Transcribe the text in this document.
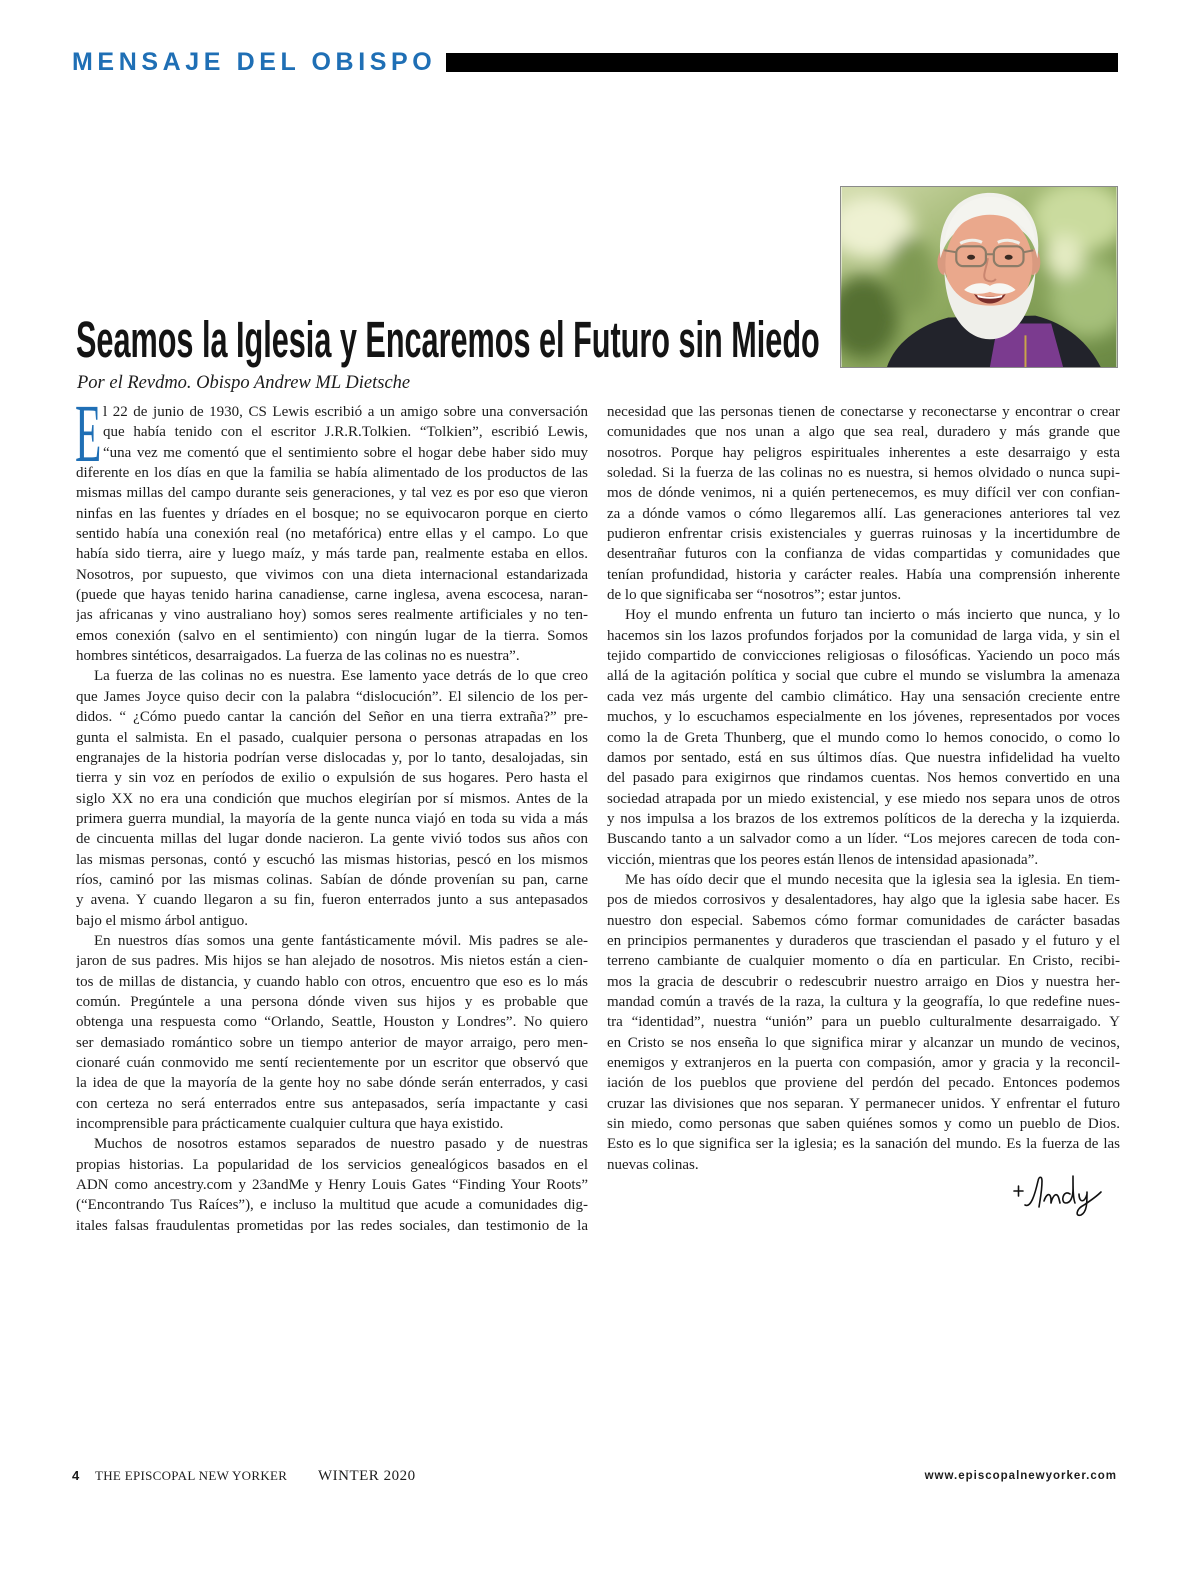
MENSAJE DEL OBISPO
Seamos la Iglesia y Encaremos el Futuro sin Miedo
Por el Revdmo. Obispo Andrew ML Dietsche
E l 22 de junio de 1930, CS Lewis escribió a un amigo sobre una conversación
que había tenido con el escritor J.R.R.Tolkien. “Tolkien”, escribió Lewis,
“una vez me comentó que el sentimiento sobre el hogar debe haber sido muy
diferente en los días en que la familia se había alimentado de los productos de las
mismas millas del campo durante seis generaciones, y tal vez es por eso que vieron
ninfas en las fuentes y dríades en el bosque; no se equivocaron porque en cierto
sentido había una conexión real (no metafórica) entre ellas y el campo. Lo que
había sido tierra, aire y luego maíz, y más tarde pan, realmente estaba en ellos.
Nosotros, por supuesto, que vivimos con una dieta internacional estandarizada
(puede que hayas tenido harina canadiense, carne inglesa, avena escocesa, naran-
jas africanas y vino australiano hoy) somos seres realmente artificiales y no ten-
emos conexión (salvo en el sentimiento) con ningún lugar de la tierra. Somos
hombres sintéticos, desarraigados. La fuerza de las colinas no es nuestra”.
La fuerza de las colinas no es nuestra. Ese lamento yace detrás de lo que creo
que James Joyce quiso decir con la palabra “dislocución”. El silencio de los per-
didos. “ ¿Cómo puedo cantar la canción del Señor en una tierra extraña?” pre-
gunta el salmista. En el pasado, cualquier persona o personas atrapadas en los
engranajes de la historia podrían verse dislocadas y, por lo tanto, desalojadas, sin
tierra y sin voz en períodos de exilio o expulsión de sus hogares. Pero hasta el
siglo XX no era una condición que muchos elegirían por sí mismos. Antes de la
primera guerra mundial, la mayoría de la gente nunca viajó en toda su vida a más
de cincuenta millas del lugar donde nacieron. La gente vivió todos sus años con
las mismas personas, contó y escuchó las mismas historias, pescó en los mismos
ríos, caminó por las mismas colinas. Sabían de dónde provenían su pan, carne
y avena. Y cuando llegaron a su fin, fueron enterrados junto a sus antepasados
bajo el mismo árbol antiguo.
En nuestros días somos una gente fantásticamente móvil. Mis padres se ale-
jaron de sus padres. Mis hijos se han alejado de nosotros. Mis nietos están a cien-
tos de millas de distancia, y cuando hablo con otros, encuentro que eso es lo más
común. Pregúntele a una persona dónde viven sus hijos y es probable que
obtenga una respuesta como “Orlando, Seattle, Houston y Londres”. No quiero
ser demasiado romántico sobre un tiempo anterior de mayor arraigo, pero men-
cionaré cuán conmovido me sentí recientemente por un escritor que observó que
la idea de que la mayoría de la gente hoy no sabe dónde serán enterrados, y casi
con certeza no será enterrados entre sus antepasados, sería impactante y casi
incomprensible para prácticamente cualquier cultura que haya existido.
Muchos de nosotros estamos separados de nuestro pasado y de nuestras
propias historias. La popularidad de los servicios genealógicos basados en el
ADN como ancestry.com y 23andMe y Henry Louis Gates “Finding Your Roots”
(“Encontrando Tus Raíces”), e incluso la multitud que acude a comunidades dig-
itales falsas fraudulentas prometidas por las redes sociales, dan testimonio de la
necesidad que las personas tienen de conectarse y reconectarse y encontrar o crear
comunidades que nos unan a algo que sea real, duradero y más grande que
nosotros. Porque hay peligros espirituales inherentes a este desarraigo y esta
soledad. Si la fuerza de las colinas no es nuestra, si hemos olvidado o nunca supi-
mos de dónde venimos, ni a quién pertenecemos, es muy difícil ver con confian-
za a dónde vamos o cómo llegaremos allí. Las generaciones anteriores tal vez
pudieron enfrentar crisis existenciales y guerras ruinosas y la incertidumbre de
desentrañar futuros con la confianza de vidas compartidas y comunidades que
tenían profundidad, historia y carácter reales. Había una comprensión inherente
de lo que significaba ser “nosotros”; estar juntos.
Hoy el mundo enfrenta un futuro tan incierto o más incierto que nunca, y lo
hacemos sin los lazos profundos forjados por la comunidad de larga vida, y sin el
tejido compartido de convicciones religiosas o filosóficas. Yaciendo un poco más
allá de la agitación política y social que cubre el mundo se vislumbra la amenaza
cada vez más urgente del cambio climático. Hay una sensación creciente entre
muchos, y lo escuchamos especialmente en los jóvenes, representados por voces
como la de Greta Thunberg, que el mundo como lo hemos conocido, o como lo
damos por sentado, está en sus últimos días. Que nuestra infidelidad ha vuelto
del pasado para exigirnos que rindamos cuentas. Nos hemos convertido en una
sociedad atrapada por un miedo existencial, y ese miedo nos separa unos de otros
y nos impulsa a los brazos de los extremos políticos de la derecha y la izquierda.
Buscando tanto a un salvador como a un líder. “Los mejores carecen de toda con-
vicción, mientras que los peores están llenos de intensidad apasionada”.
Me has oído decir que el mundo necesita que la iglesia sea la iglesia. En tiem-
pos de miedos corrosivos y desalentadores, hay algo que la iglesia sabe hacer. Es
nuestro don especial. Sabemos cómo formar comunidades de carácter basadas
en principios permanentes y duraderos que trasciendan el pasado y el futuro y el
terreno cambiante de cualquier momento o día en particular. En Cristo, recibi-
mos la gracia de descubrir o redescubrir nuestro arraigo en Dios y nuestra her-
mandad común a través de la raza, la cultura y la geografía, lo que redefine nues-
tra “identidad”, nuestra “unión” para un pueblo culturalmente desarraigado. Y
en Cristo se nos enseña lo que significa mirar y alcanzar un mundo de vecinos,
enemigos y extranjeros en la puerta con compasión, amor y gracia y la reconcil-
iación de los pueblos que proviene del perdón del pecado. Entonces podemos
cruzar las divisiones que nos separan. Y permanecer unidos. Y enfrentar el futuro
sin miedo, como personas que saben quiénes somos y como un pueblo de Dios.
Esto es lo que significa ser la iglesia; es la sanación del mundo. Es la fuerza de las
nuevas colinas.
4 THE EPISCOPAL NEW YORKER WINTER 2020	www.episcopalnewyorker.com
